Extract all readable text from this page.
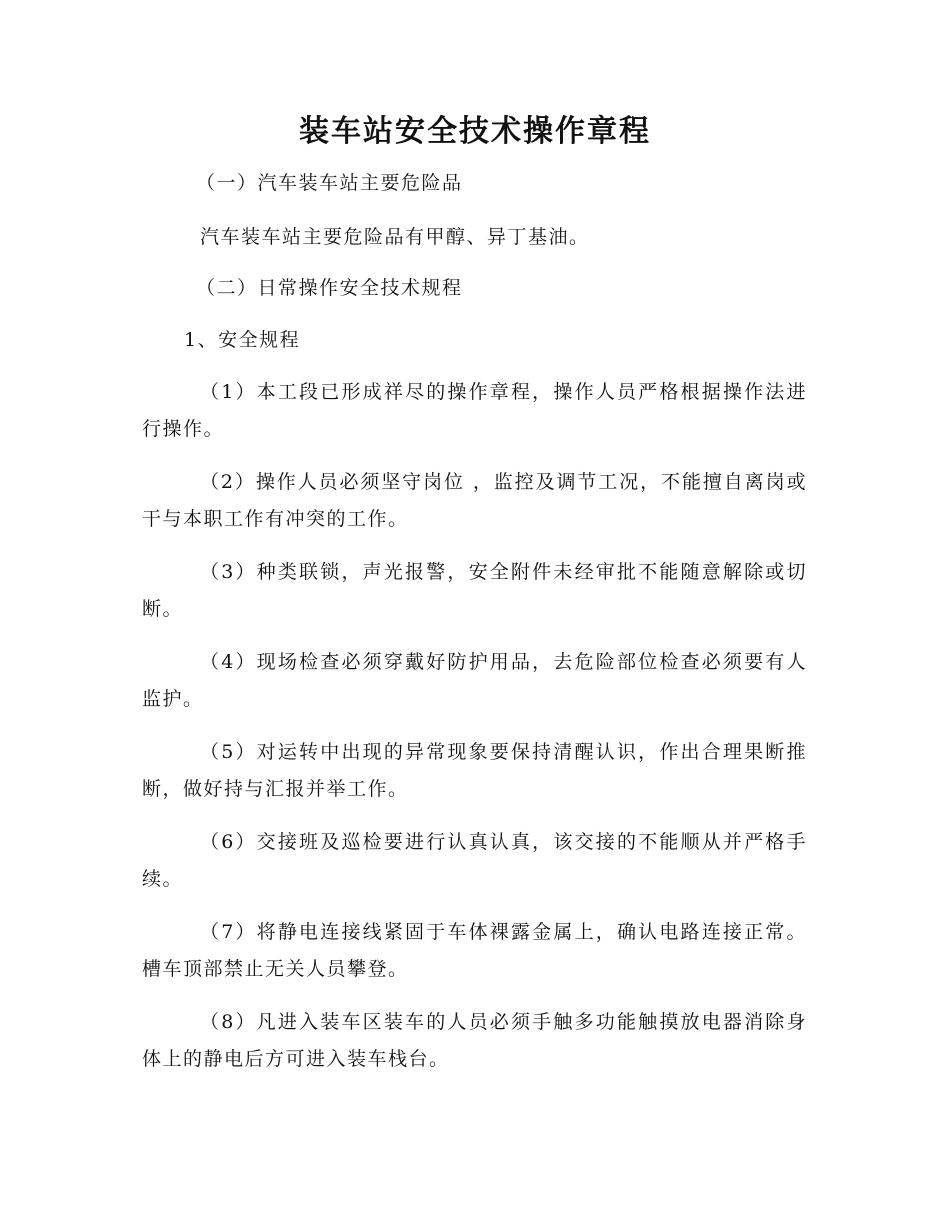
装车站安全技术操作章程
（一）汽车装车站主要危险品
汽车装车站主要危险品有甲醇、异丁基油。
（二）日常操作安全技术规程
1、安全规程

（1）本工段已形成祥尽的操作章程，操作人员严格根据操作法进行操作。

（2）操作人员必须坚守岗位 ，监控及调节工况，不能擅自离岗或干与本职工作有冲突的工作。

（3）种类联锁，声光报警，安全附件未经审批不能随意解除或切断。

（4）现场检查必须穿戴好防护用品，去危险部位检查必须要有人监护。

（5）对运转中出现的异常现象要保持清醒认识，作出合理果断推断，做好持与汇报并举工作。

（6）交接班及巡检要进行认真认真，该交接的不能顺从并严格手续。

（7）将静电连接线紧固于车体裸露金属上，确认电路连接正常。槽车顶部禁止无关人员攀登。

（8）凡进入装车区装车的人员必须手触多功能触摸放电器消除身体上的静电后方可进入装车栈台。
